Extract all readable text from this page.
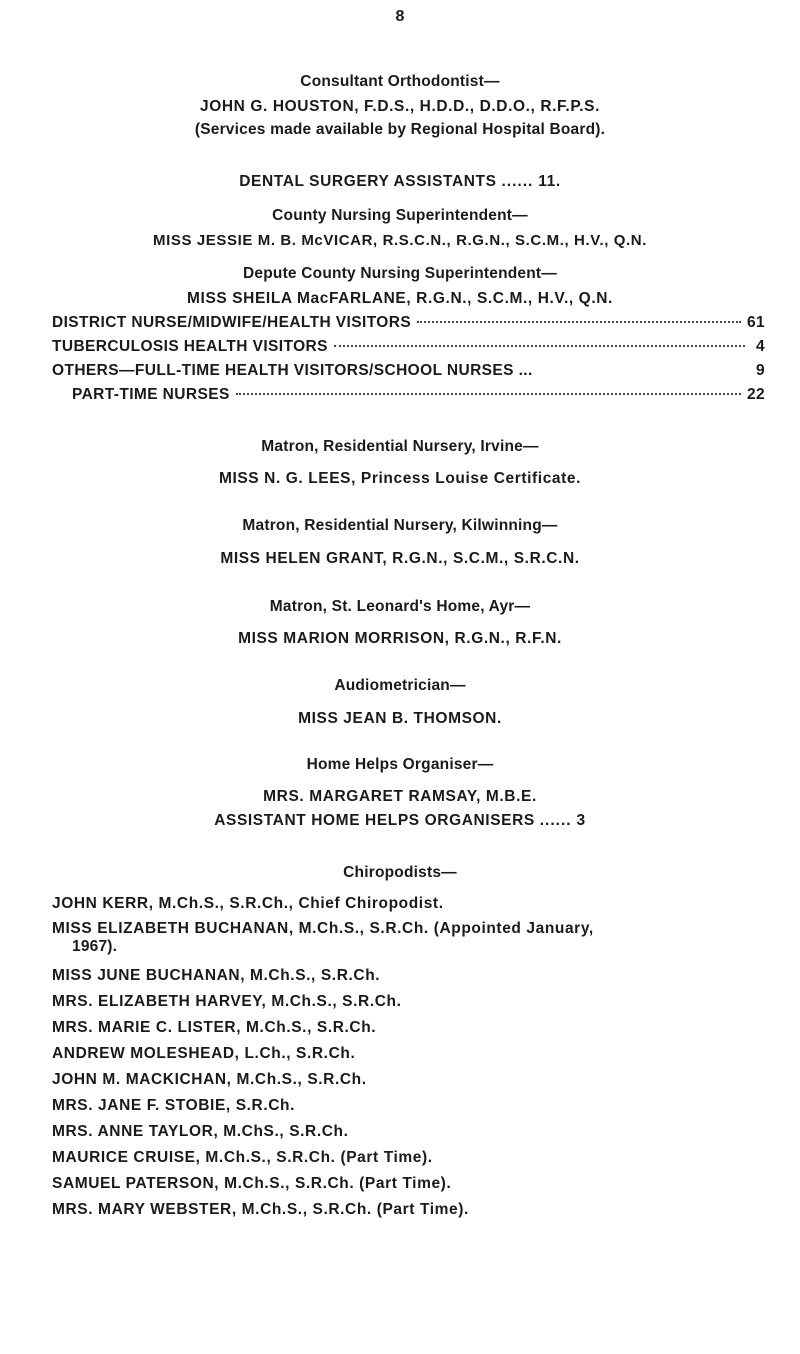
8
Consultant Orthodontist—
JOHN G. HOUSTON, F.D.S., H.D.D., D.D.O., R.F.P.S.
(Services made available by Regional Hospital Board).
DENTAL SURGERY ASSISTANTS ...... 11.
County Nursing Superintendent—
MISS JESSIE M. B. McVICAR, R.S.C.N., R.G.N., S.C.M., H.V., Q.N.
Depute County Nursing Superintendent—
MISS SHEILA MacFARLANE, R.G.N., S.C.M., H.V., Q.N.
DISTRICT NURSE/MIDWIFE/HEALTH VISITORS	61
TUBERCULOSIS HEALTH VISITORS	4
OTHERS—FULL-TIME HEALTH VISITORS/SCHOOL NURSES ...	9
PART-TIME NURSES	22
Matron, Residential Nursery, Irvine—
MISS N. G. LEES, Princess Louise Certificate.
Matron, Residential Nursery, Kilwinning—
MISS HELEN GRANT, R.G.N., S.C.M., S.R.C.N.
Matron, St. Leonard's Home, Ayr—
MISS MARION MORRISON, R.G.N., R.F.N.
Audiometrician—
MISS JEAN B. THOMSON.
Home Helps Organiser—
MRS. MARGARET RAMSAY, M.B.E.
ASSISTANT HOME HELPS ORGANISERS ...... 3
Chiropodists—
JOHN KERR, M.Ch.S., S.R.Ch., Chief Chiropodist.
MISS ELIZABETH BUCHANAN, M.Ch.S., S.R.Ch. (Appointed January,
1967).
MISS JUNE BUCHANAN, M.Ch.S., S.R.Ch.
MRS. ELIZABETH HARVEY, M.Ch.S., S.R.Ch.
MRS. MARIE C. LISTER, M.Ch.S., S.R.Ch.
ANDREW MOLESHEAD, L.Ch., S.R.Ch.
JOHN M. MACKICHAN, M.Ch.S., S.R.Ch.
MRS. JANE F. STOBIE, S.R.Ch.
MRS. ANNE TAYLOR, M.ChS., S.R.Ch.
MAURICE CRUISE, M.Ch.S., S.R.Ch. (Part Time).
SAMUEL PATERSON, M.Ch.S., S.R.Ch. (Part Time).
MRS. MARY WEBSTER, M.Ch.S., S.R.Ch. (Part Time).
